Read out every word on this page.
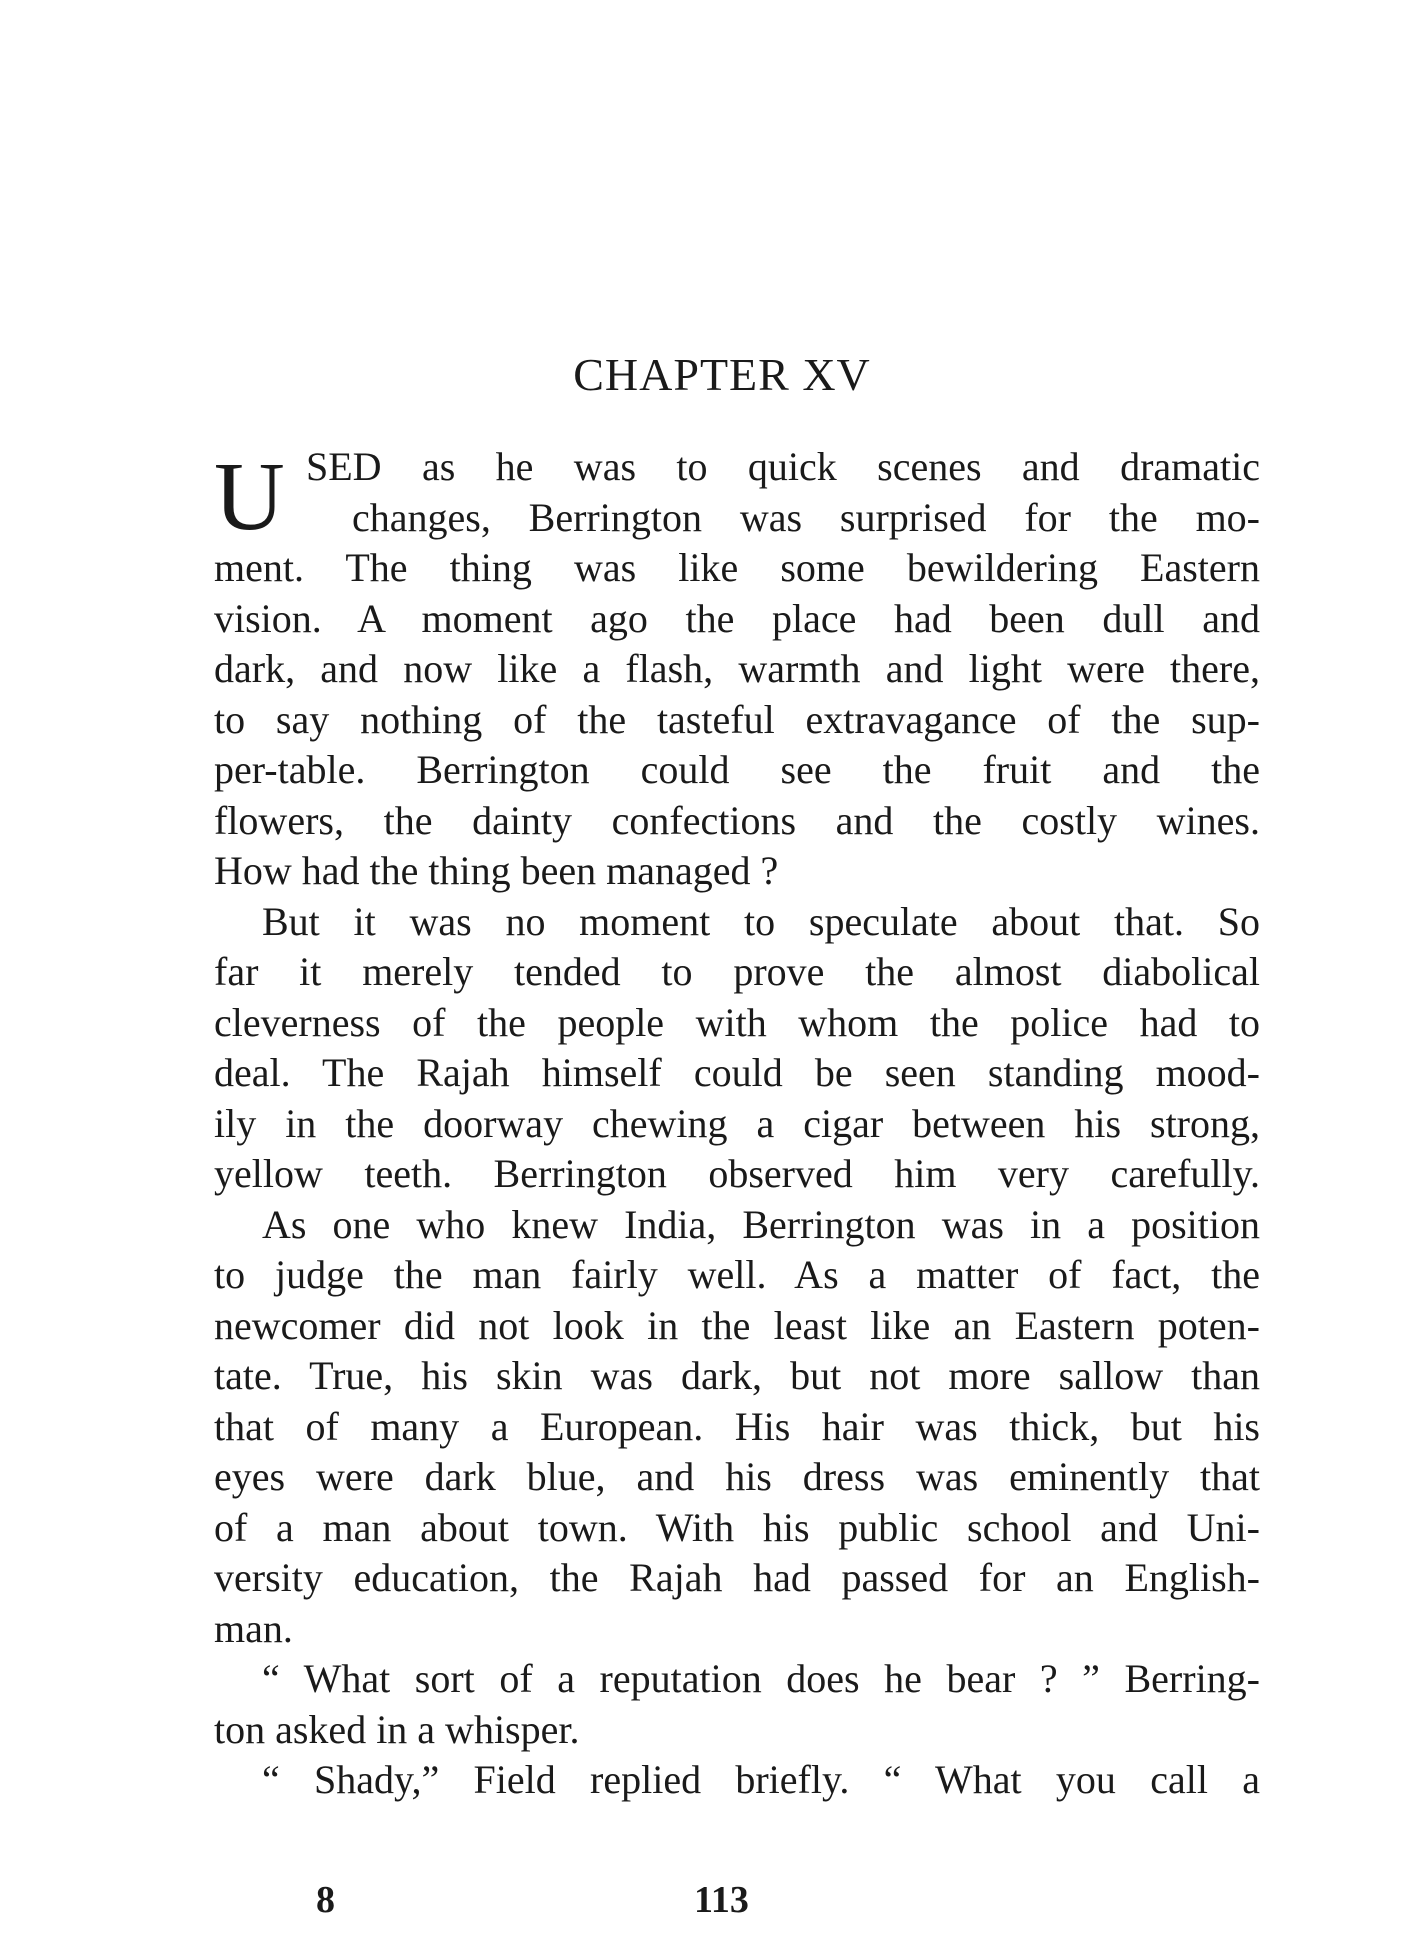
CHAPTER XV
U SED as he was to quick scenes and dramatic
changes, Berrington was surprised for the mo-
ment. The thing was like some bewildering Eastern
vision. A moment ago the place had been dull and
dark, and now like a flash, warmth and light were there,
to say nothing of the tasteful extravagance of the sup-
per-table. Berrington could see the fruit and the
flowers, the dainty confections and the costly wines.
How had the thing been managed ?
But it was no moment to speculate about that. So
far it merely tended to prove the almost diabolical
cleverness of the people with whom the police had to
deal. The Rajah himself could be seen standing mood-
ily in the doorway chewing a cigar between his strong,
yellow teeth. Berrington observed him very carefully.
As one who knew India, Berrington was in a position
to judge the man fairly well. As a matter of fact, the
newcomer did not look in the least like an Eastern poten-
tate. True, his skin was dark, but not more sallow than
that of many a European. His hair was thick, but his
eyes were dark blue, and his dress was eminently that
of a man about town. With his public school and Uni-
versity education, the Rajah had passed for an English-
man.
“ What sort of a reputation does he bear ? ” Berring-
ton asked in a whisper.
“ Shady,” Field replied briefly. “ What you call a
8	113
